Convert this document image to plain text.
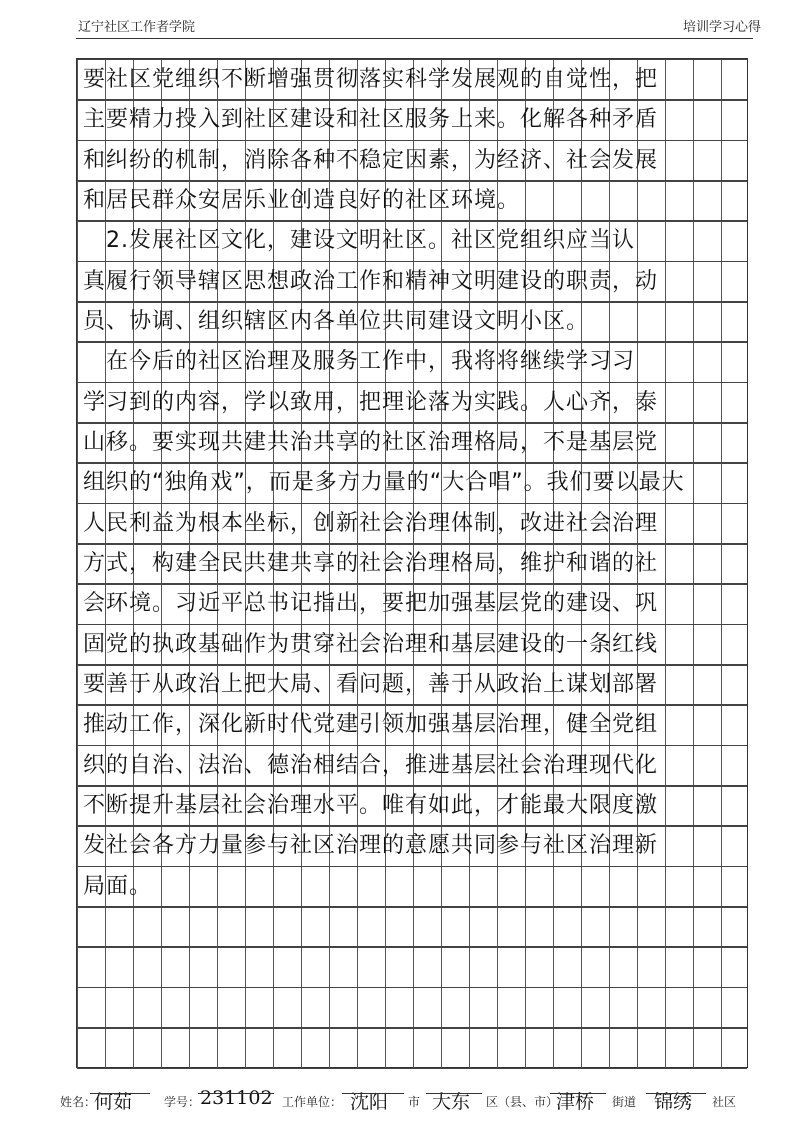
辽宁社区工作者学院	培训学习心得
要社区党组织不断增强贯彻落实科学发展观的自觉性，把
主要精力投入到社区建设和社区服务上来。化解各种矛盾
和纠纷的机制，消除各种不稳定因素，为经济、社会发展
和居民群众安居乐业创造良好的社区环境。
　2.发展社区文化，建设文明社区。社区党组织应当认
真履行领导辖区思想政治工作和精神文明建设的职责，动
员、协调、组织辖区内各单位共同建设文明小区。
　在今后的社区治理及服务工作中，我将将继续学习习
学习到的内容，学以致用，把理论落为实践。人心齐，泰
山移。要实现共建共治共享的社区治理格局，不是基层党
组织的“独角戏”，而是多方力量的“大合唱”。我们要以最大
人民利益为根本坐标，创新社会治理体制，改进社会治理
方式，构建全民共建共享的社会治理格局，维护和谐的社
会环境。习近平总书记指出，要把加强基层党的建设、巩
固党的执政基础作为贯穿社会治理和基层建设的一条红线
要善于从政治上把大局、看问题，善于从政治上谋划部署
推动工作，深化新时代党建引领加强基层治理，健全党组
织的自治、法治、德治相结合，推进基层社会治理现代化
不断提升基层社会治理水平。唯有如此，才能最大限度激
发社会各方力量参与社区治理的意愿共同参与社区治理新
局面。
姓名：
何茹	学号： 231102 工作单位： 沈阳 市 大东 区（县、市）
津桥 街道 锦绣 社区
